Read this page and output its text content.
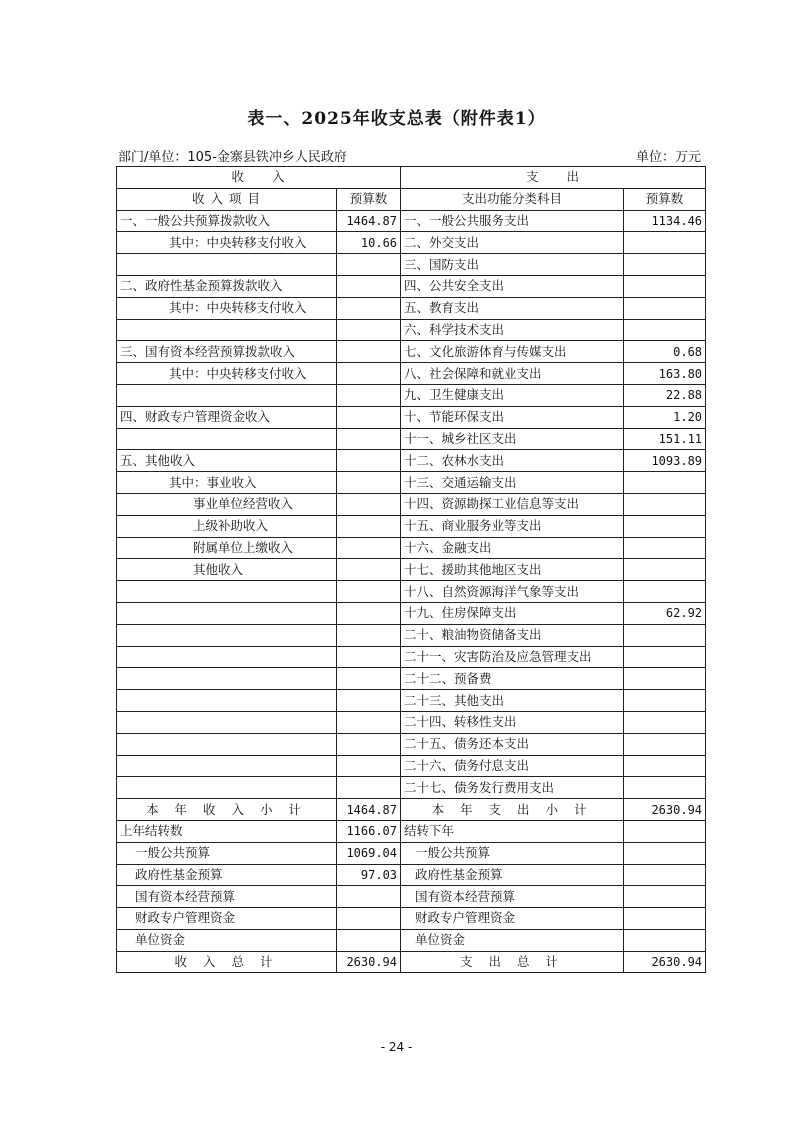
表一、2025年收支总表（附件表1）
部门/单位：105-金寨县铁冲乡人民政府	单位：万元
收　　入		支　　出	
收 入 项 目	预算数	支出功能分类科目	预算数
一、一般公共预算拨款收入	1464.87	一、一般公共服务支出	1134.46
其中：中央转移支付收入	10.66	二、外交支出	
		三、国防支出	
二、政府性基金预算拨款收入		四、公共安全支出	
其中：中央转移支付收入		五、教育支出	
		六、科学技术支出	
三、国有资本经营预算拨款收入		七、文化旅游体育与传媒支出	0.68
其中：中央转移支付收入		八、社会保障和就业支出	163.80
		九、卫生健康支出	22.88
四、财政专户管理资金收入		十、节能环保支出	1.20
		十一、城乡社区支出	151.11
五、其他收入		十二、农林水支出	1093.89
其中：事业收入		十三、交通运输支出	
事业单位经营收入		十四、资源勘探工业信息等支出	
上级补助收入		十五、商业服务业等支出	
附属单位上缴收入		十六、金融支出	
其他收入		十七、援助其他地区支出	
		十八、自然资源海洋气象等支出	
		十九、住房保障支出	62.92
		二十、粮油物资储备支出	
		二十一、灾害防治及应急管理支出	
		二十二、预备费	
		二十三、其他支出	
		二十四、转移性支出	
		二十五、债务还本支出	
		二十六、债务付息支出	
		二十七、债务发行费用支出	
本 年 收 入 小 计	1464.87	本 年 支 出 小 计	2630.94
上年结转数	1166.07	结转下年	
一般公共预算	1069.04	一般公共预算	
政府性基金预算	97.03	政府性基金预算	
国有资本经营预算		国有资本经营预算	
财政专户管理资金		财政专户管理资金	
单位资金		单位资金	
收 入 总 计	2630.94	支 出 总 计	2630.94
- 24 -
